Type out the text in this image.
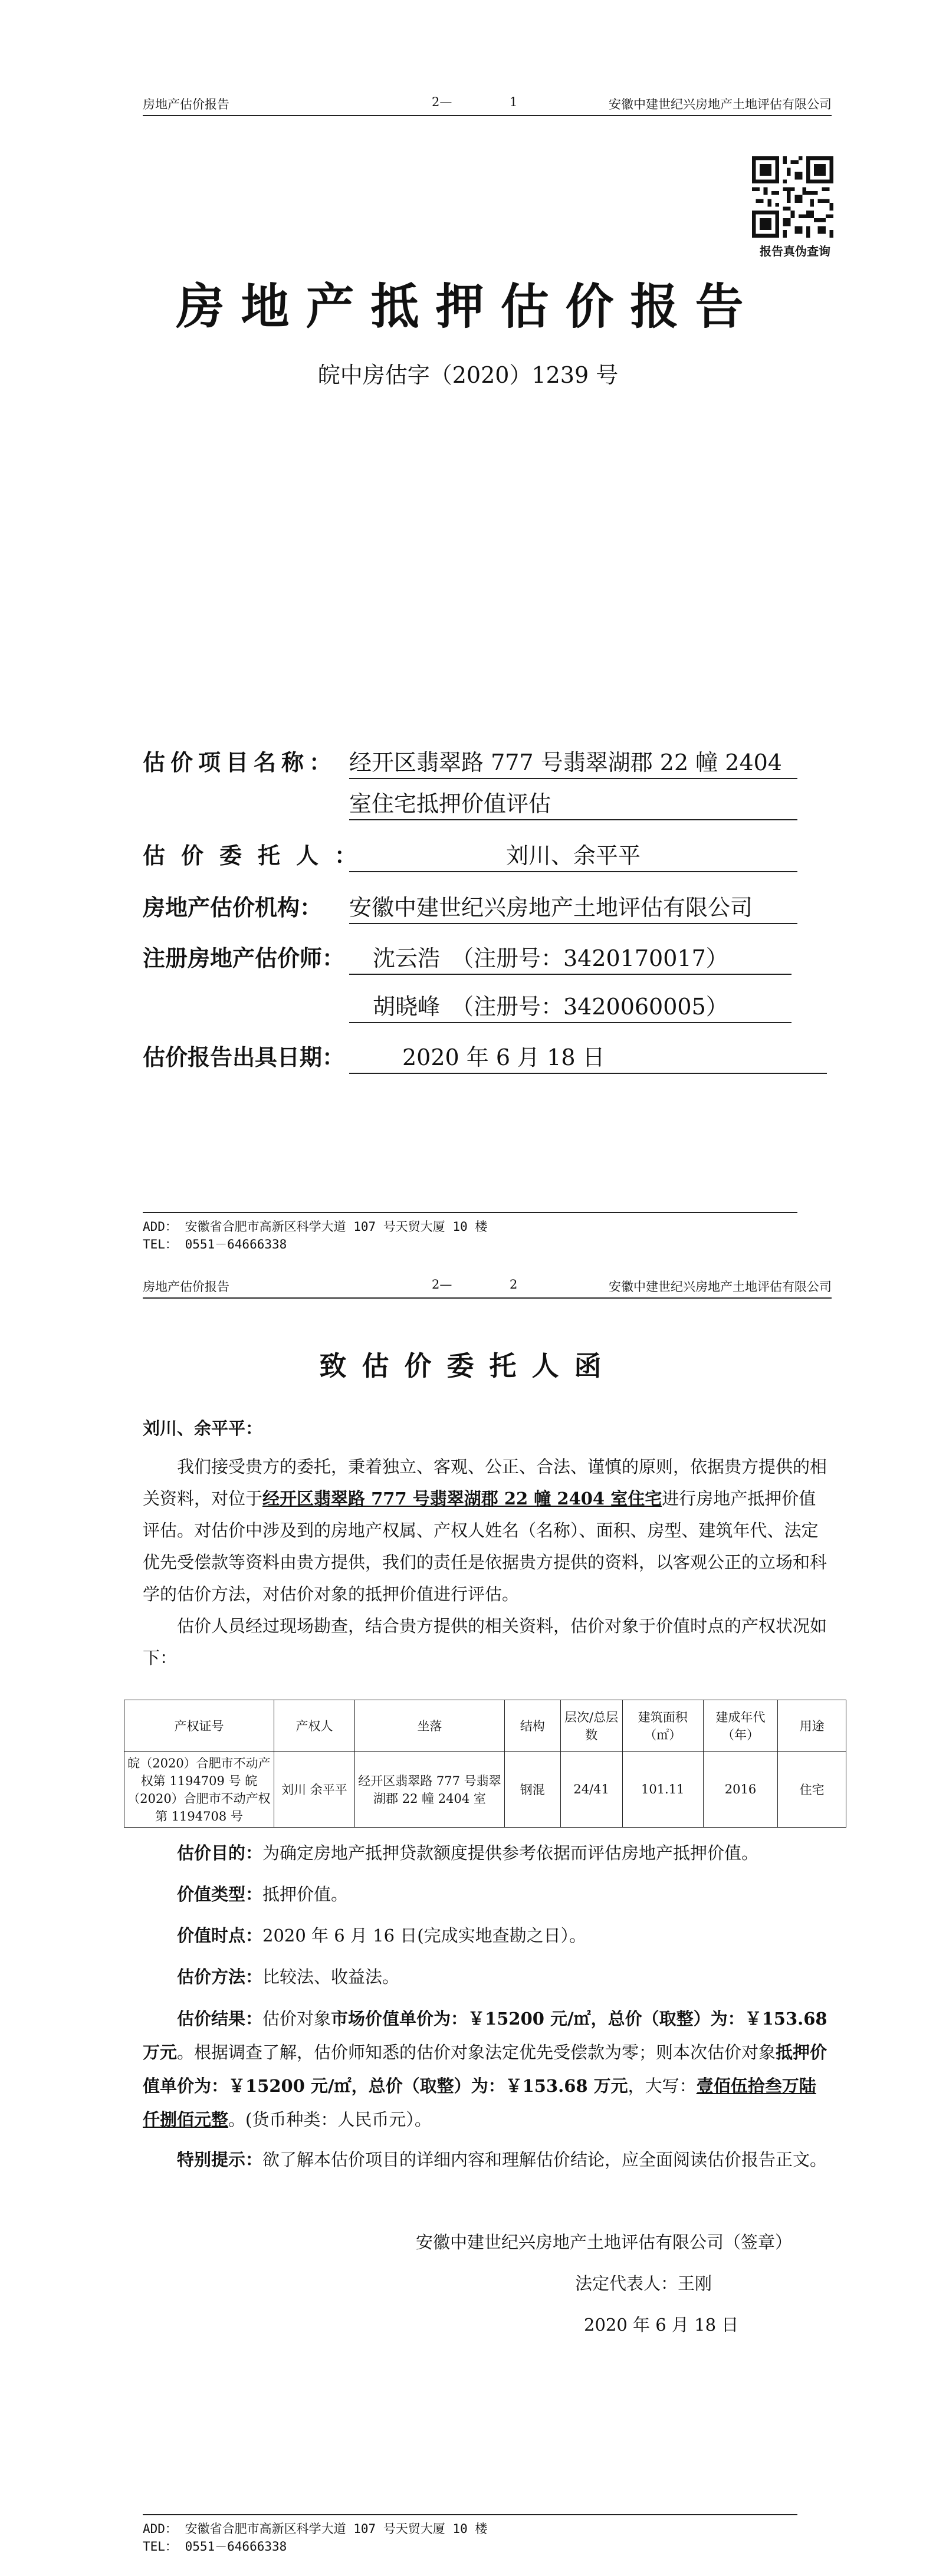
房地产估价报告	2—	1	安徽中建世纪兴房地产土地评估有限公司
报告真伪查询
房地产抵押估价报告
皖中房估字（2020）1239 号
估价项目名称： 经开区翡翠路 777 号翡翠湖郡 22 幢 2404
室住宅抵押价值评估
估价委托人：	刘川、余平平
房地产估价机构： 安徽中建世纪兴房地产土地评估有限公司
注册房地产估价师：	沈云浩　（注册号：3420170017）
胡晓峰　（注册号：3420060005）
估价报告出具日期：	2020 年 6 月 18 日
ADD： 安徽省合肥市高新区科学大道 107 号天贸大厦 10 楼
TEL： 0551－64666338
房地产估价报告	2—	2	安徽中建世纪兴房地产土地评估有限公司
致估价委托人函
刘川、余平平：
我们接受贵方的委托，秉着独立、客观、公正、合法、谨慎的原则，依据贵方提供的相关资料，对位于经开区翡翠路 777 号翡翠湖郡 22 幢 2404 室住宅进行房地产抵押价值评估。对估价中涉及到的房地产权属、产权人姓名（名称）、面积、房型、建筑年代、法定优先受偿款等资料由贵方提供，我们的责任是依据贵方提供的资料，以客观公正的立场和科学的估价方法，对估价对象的抵押价值进行评估。
估价人员经过现场勘查，结合贵方提供的相关资料，估价对象于价值时点的产权状况如下：
产权证号	产权人	坐落	结构	层次/总层数	建筑面积（㎡）	建成年代（年）	用途
皖（2020）合肥市不动产权第 1194709 号 皖（2020）合肥市不动产权第 1194708 号	刘川 余平平	经开区翡翠路 777 号翡翠湖郡 22 幢 2404 室	钢混	24/41	101.11	2016	住宅
估价目的：为确定房地产抵押贷款额度提供参考依据而评估房地产抵押价值。
价值类型：抵押价值。
价值时点：2020 年 6 月 16 日(完成实地查勘之日）。
估价方法：比较法、收益法。
估价结果：估价对象市场价值单价为：￥15200 元/㎡，总价（取整）为：￥153.68 万元。根据调查了解，估价师知悉的估价对象法定优先受偿款为零；则本次估价对象抵押价值单价为：￥15200 元/㎡，总价（取整）为：￥153.68 万元，大写：壹佰伍拾叁万陆仟捌佰元整。(货币种类：人民币元）。
特别提示：欲了解本估价项目的详细内容和理解估价结论，应全面阅读估价报告正文。
安徽中建世纪兴房地产土地评估有限公司（签章）
法定代表人：王刚
2020 年 6 月 18 日
ADD： 安徽省合肥市高新区科学大道 107 号天贸大厦 10 楼
TEL： 0551－64666338
